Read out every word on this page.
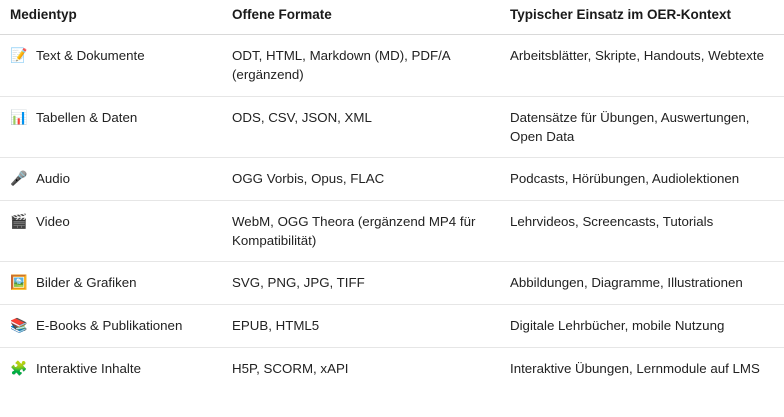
Medientyp	Offene Formate	Typischer Einsatz im OER-Kontext

📝 Text & Dokumente	ODT, HTML, Markdown (MD), PDF/A (ergänzend)	Arbeitsblätter, Skripte, Handouts, Webtexte

📊 Tabellen & Daten	ODS, CSV, JSON, XML	Datensätze für Übungen, Auswertungen, Open Data

🎤 Audio	OGG Vorbis, Opus, FLAC	Podcasts, Hörübungen, Audiolektionen

🎬 Video	WebM, OGG Theora (ergänzend MP4 für Kompatibilität)	Lehrvideos, Screencasts, Tutorials

🖼️ Bilder & Grafiken	SVG, PNG, JPG, TIFF	Abbildungen, Diagramme, Illustrationen

📚 E-Books & Publikationen	EPUB, HTML5	Digitale Lehrbücher, mobile Nutzung

🧩 Interaktive Inhalte	H5P, SCORM, xAPI	Interaktive Übungen, Lernmodule auf LMS
